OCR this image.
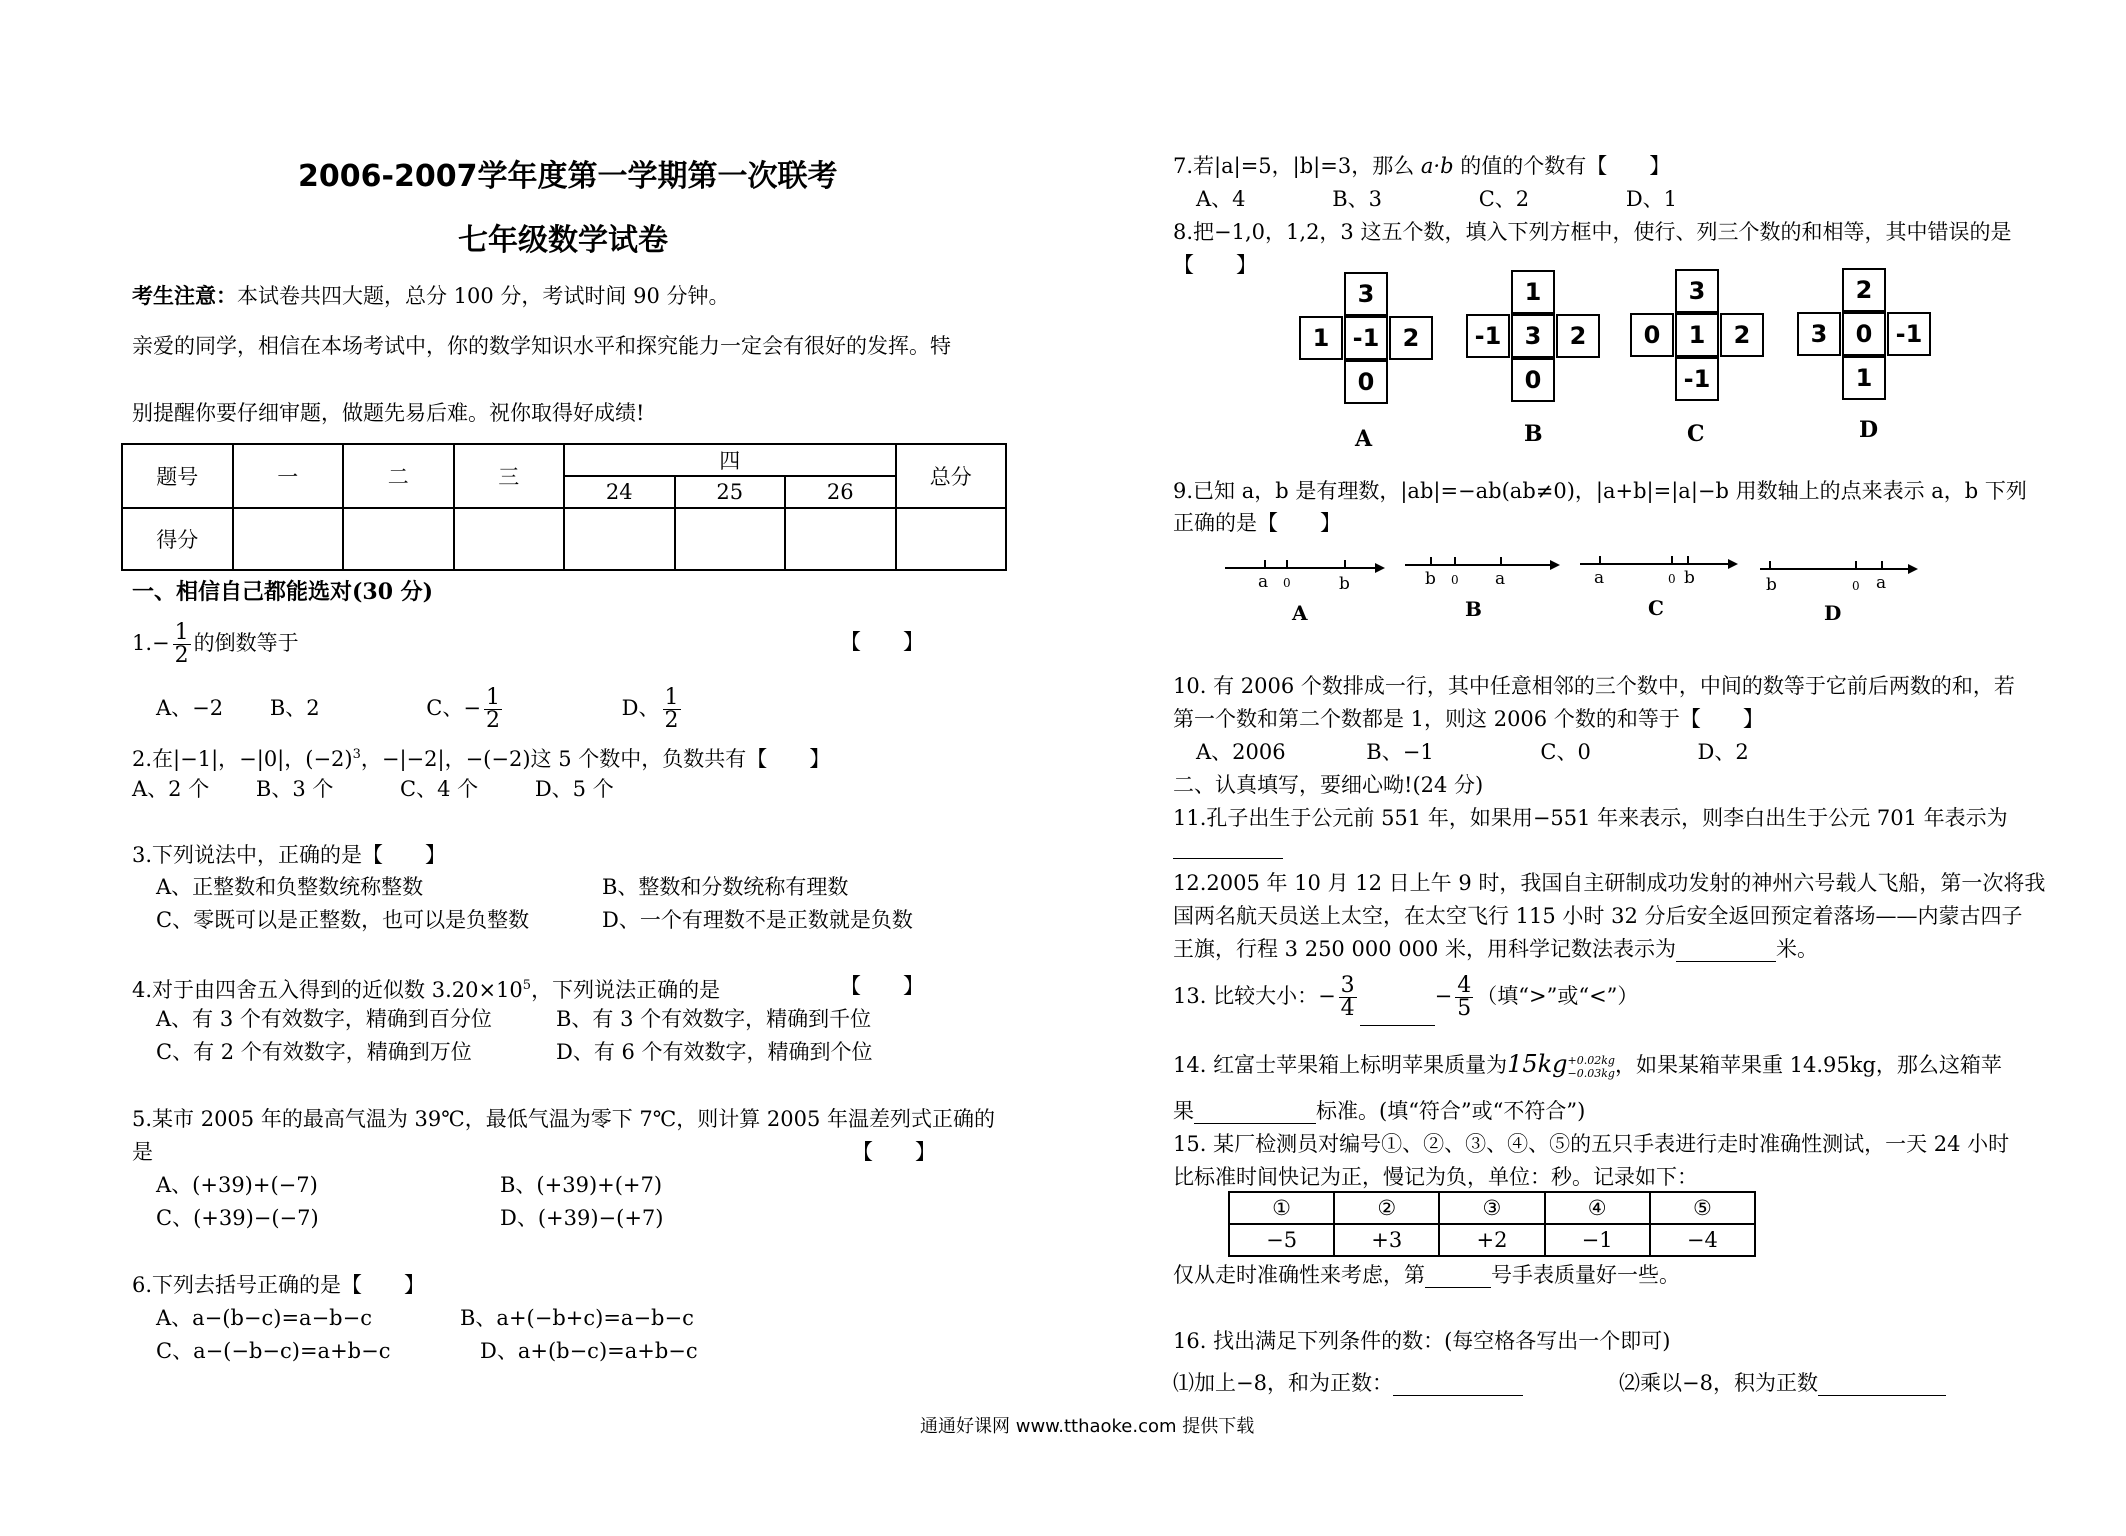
2006-2007学年度第一学期第一次联考
七年级数学试卷
考生注意：本试卷共四大题，总分 100 分，考试时间 90 分钟。
亲爱的同学，相信在本场考试中，你的数学知识水平和探究能力一定会有很好的发挥。特
别提醒你要仔细审题，做题先易后难。祝你取得好成绩!
题号	一	二	三	四			总分
				24	25	26	
得分							
一、相信自己都能选对(30 分)
$1.- \frac{1}{2}$ 的倒数等于	【　　】
A、−2 B、2	C、− $\frac{1}{2}$	D、 $\frac{1}{2}$
2.在|−1|，−|0|，$(-2)^3$，−|−2|，−(−2)这 5 个数中，负数共有【　　】
A、2 个 B、3 个	C、4 个	D、5 个
3.下列说法中，正确的是【　　】
A、正整数和负整数统称整数	B、整数和分数统称有理数
C、零既可以是正整数，也可以是负整数	D、一个有理数不是正数就是负数
4.对于由四舍五入得到的近似数 $3.20\times 10^5$，下列说法正确的是	【　　】
A、有 3 个有效数字，精确到百分位	B、有 3 个有效数字，精确到千位
C、有 2 个有效数字，精确到万位	D、有 6 个有效数字，精确到个位
5.某市 2005 年的最高气温为 39℃，最低气温为零下 7℃，则计算 2005 年温差列式正确的
是	【　　】
A、(+39)+(−7)	B、(+39)+(+7)
C、(+39)−(−7)	D、(+39)−(+7)
6.下列去括号正确的是【　　】
A、a−(b−c)=a−b−c	B、a+(−b+c)=a−b−c
C、a−(−b−c)=a+b−c	D、a+(b−c)=a+b−c
7.若|a|=5，|b|=3，那么 a·b 的值的个数有【　　】
A、4	B、3	C、2	D、1
8.把−1,0，1,2，3 这五个数，填入下列方框中，使行、列三个数的和相等，其中错误的是
【　　】
3
1 -1 2
0
A
1
-1 3	2
0
B
3
0	1	2
-1
C
2
3	0 -1
1
D
9.已知 a，b 是有理数，|ab|=−ab(ab≠0)，|a+b|=|a|−b 用数轴上的点来表示 a，b 下列
正确的是【　　】
a 0	b
A
b 0 a
B
a	0 b
C
b	0 a
D
10. 有 2006 个数排成一行，其中任意相邻的三个数中，中间的数等于它前后两数的和，若
第一个数和第二个数都是 1，则这 2006 个数的和等于【　　】
A、2006	B、−1	C、0	D、2
二、认真填写，要细心呦!(24 分)
11.孔子出生于公元前 551 年，如果用−551 年来表示，则李白出生于公元 701 年表示为
12.2005 年 10 月 12 日上午 9 时，我国自主研制成功发射的神州六号载人飞船，第一次将我
国两名航天员送上太空，在太空飞行 115 小时 32 分后安全返回预定着落场——内蒙古四子
王旗，行程 3 250 000 000 米，用科学记数法表示为	米。
13. 比较大小：− $\frac{3}{4}$	− $\frac{4}{5}$ （填“>”或“<”）
14. 红富士苹果箱上标明苹果质量为15kg +0.02kg
−0.03kg ，如果某箱苹果重 14.95kg，那么这箱苹
果	标准。(填“符合”或“不符合”)
15. 某厂检测员对编号①、②、③、④、⑤的五只手表进行走时准确性测试，一天 24 小时
比标准时间快记为正，慢记为负，单位：秒。记录如下：
①	②	③	④	⑤
−5	+3	+2	−1	−4
仅从走时准确性来考虑，第	号手表质量好一些。
16. 找出满足下列条件的数：(每空格各写出一个即可)
⑴加上−8，和为正数：	⑵乘以−8，积为正数
通通好课网 www.tthaoke.com 提供下载
